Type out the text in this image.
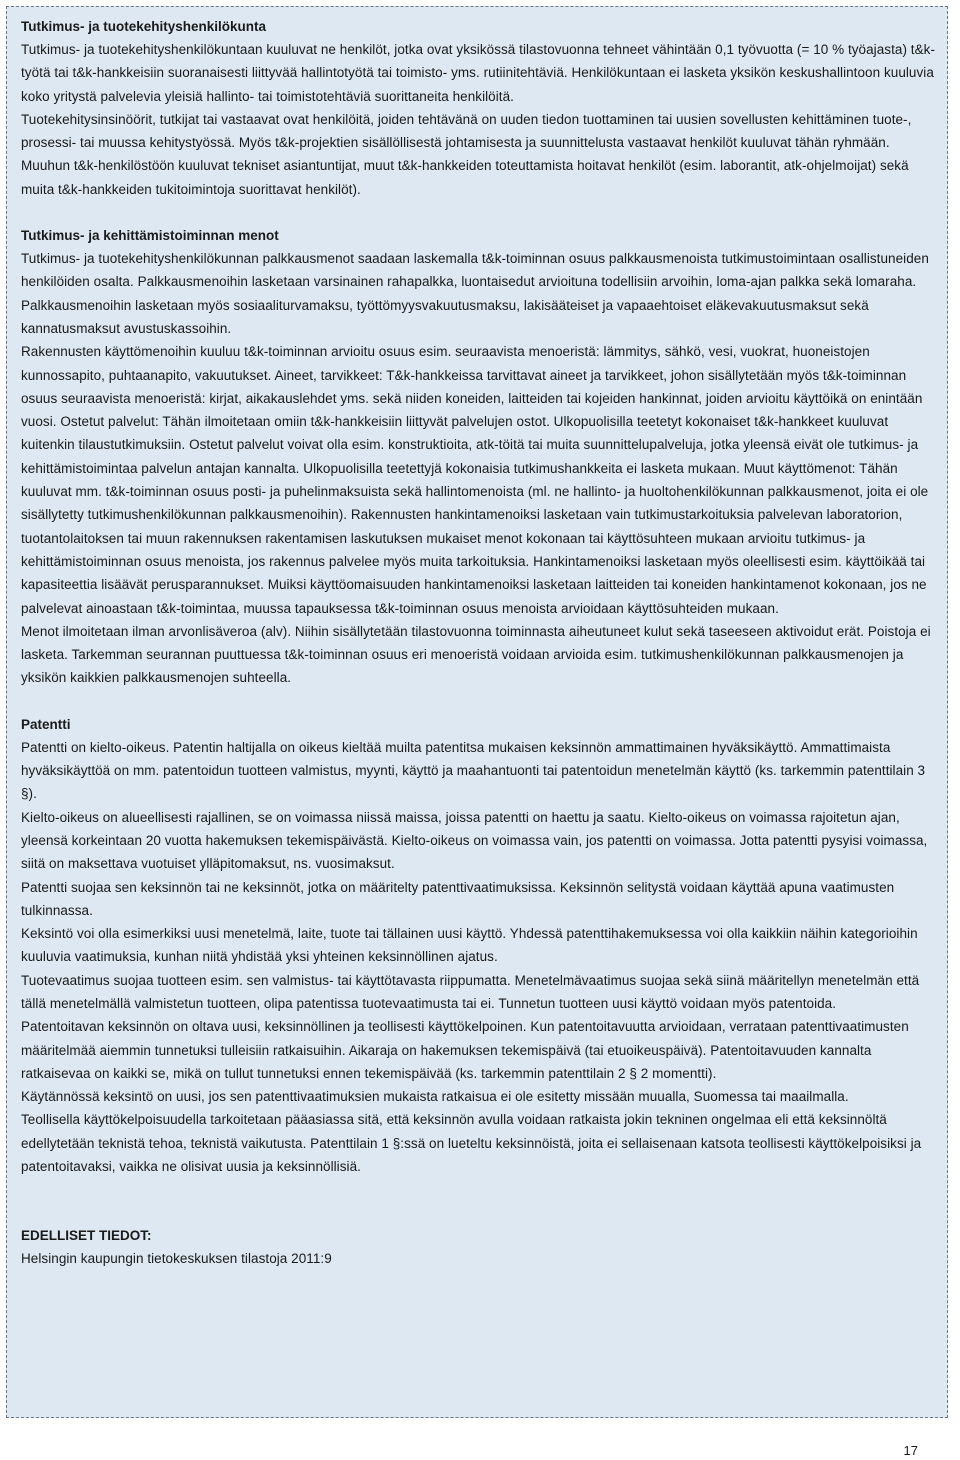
Tutkimus- ja tuotekehityshenkilökunta

Tutkimus- ja tuotekehityshenkilökuntaan kuuluvat ne henkilöt, jotka ovat yksikössä tilastovuonna tehneet vähintään 0,1 työvuotta (= 10 % työajasta) t&k-työtä tai t&k-hankkeisiin suoranaisesti liittyvää hallintotyötä tai toimisto- yms. rutiinitehtäviä. Henkilökuntaan ei lasketa yksikön keskushallintoon kuuluvia koko yritystä palvelevia yleisiä hallinto- tai toimistotehtäviä suorittaneita henkilöitä.

Tuotekehitysinsinöörit, tutkijat tai vastaavat ovat henkilöitä, joiden tehtävänä on uuden tiedon tuottaminen tai uusien sovellusten kehittäminen tuote-, prosessi- tai muussa kehitystyössä. Myös t&k-projektien sisällöllisestä johtamisesta ja suunnittelusta vastaavat henkilöt kuuluvat tähän ryhmään.

Muuhun t&k-henkilöstöön kuuluvat tekniset asiantuntijat, muut t&k-hankkeiden toteuttamista hoitavat henkilöt (esim. laborantit, atk-ohjelmoijat) sekä muita t&k-hankkeiden tukitoimintoja suorittavat henkilöt).

Tutkimus- ja kehittämistoiminnan menot

Tutkimus- ja tuotekehityshenkilökunnan palkkausmenot saadaan laskemalla t&k-toiminnan osuus palkkausmenoista tutkimustoimintaan osallistuneiden henkilöiden osalta. Palkkausmenoihin lasketaan varsinainen rahapalkka, luontaisedut arvioituna todellisiin arvoihin, loma-ajan palkka sekä lomaraha. Palkkausmenoihin lasketaan myös sosiaaliturvamaksu, työttömyysvakuutusmaksu, lakisääteiset ja vapaaehtoiset eläkevakuutusmaksut sekä kannatusmaksut avustuskassoihin.

Rakennusten käyttömenoihin kuuluu t&k-toiminnan arvioitu osuus esim. seuraavista menoeristä: lämmitys, sähkö, vesi, vuokrat, huoneistojen kunnossapito, puhtaanapito, vakuutukset. Aineet, tarvikkeet: T&k-hankkeissa tarvittavat aineet ja tarvikkeet, johon sisällytetään myös t&k-toiminnan osuus seuraavista menoeristä: kirjat, aikakauslehdet yms. sekä niiden koneiden, laitteiden tai kojeiden hankinnat, joiden arvioitu käyttöikä on enintään vuosi. Ostetut palvelut: Tähän ilmoitetaan omiin t&k-hankkeisiin liittyvät palvelujen ostot. Ulkopuolisilla teetetyt kokonaiset t&k-hankkeet kuuluvat kuitenkin tilaustutkimuksiin. Ostetut palvelut voivat olla esim. konstruktioita, atk-töitä tai muita suunnittelupalveluja, jotka yleensä eivät ole tutkimus- ja kehittämistoimintaa palvelun antajan kannalta. Ulkopuolisilla teetettyjä kokonaisia tutkimushankkeita ei lasketa mukaan. Muut käyttömenot: Tähän kuuluvat mm. t&k-toiminnan osuus posti- ja puhelinmaksuista sekä hallintomenoista (ml. ne hallinto- ja huoltohenkilökunnan palkkausmenot, joita ei ole sisällytetty tutkimushenkilökunnan palkkausmenoihin). Rakennusten hankintamenoiksi lasketaan vain tutkimustarkoituksia palvelevan laboratorion, tuotantolaitoksen tai muun rakennuksen rakentamisen laskutuksen mukaiset menot kokonaan tai käyttösuhteen mukaan arvioitu tutkimus- ja kehittämistoiminnan osuus menoista, jos rakennus palvelee myös muita tarkoituksia. Hankintamenoiksi lasketaan myös oleellisesti esim. käyttöikää tai kapasiteettia lisäävät perusparannukset. Muiksi käyttöomaisuuden hankintamenoiksi lasketaan laitteiden tai koneiden hankintamenot kokonaan, jos ne palvelevat ainoastaan t&k-toimintaa, muussa tapauksessa t&k-toiminnan osuus menoista arvioidaan käyttösuhteiden mukaan.

Menot ilmoitetaan ilman arvonlisäveroa (alv). Niihin sisällytetään tilastovuonna toiminnasta aiheutuneet kulut sekä taseeseen aktivoidut erät. Poistoja ei lasketa. Tarkemman seurannan puuttuessa t&k-toiminnan osuus eri menoeristä voidaan arvioida esim. tutkimushenkilökunnan palkkausmenojen ja yksikön kaikkien palkkausmenojen suhteella.

Patentti

Patentti on kielto-oikeus. Patentin haltijalla on oikeus kieltää muilta patentitsa mukaisen keksinnön ammattimainen hyväksikäyttö. Ammattimaista hyväksikäyttöä on mm. patentoidun tuotteen valmistus, myynti, käyttö ja maahantuonti tai patentoidun menetelmän käyttö (ks. tarkemmin patenttilain 3 §).

Kielto-oikeus on alueellisesti rajallinen, se on voimassa niissä maissa, joissa patentti on haettu ja saatu. Kielto-oikeus on voimassa rajoitetun ajan, yleensä korkeintaan 20 vuotta hakemuksen tekemispäivästä. Kielto-oikeus on voimassa vain, jos patentti on voimassa. Jotta patentti pysyisi voimassa, siitä on maksettava vuotuiset ylläpitomaksut, ns. vuosimaksut.

Patentti suojaa sen keksinnön tai ne keksinnöt, jotka on määritelty patenttivaatimuksissa. Keksinnön selitystä voidaan käyttää apuna vaatimusten tulkinnassa.

Keksintö voi olla esimerkiksi uusi menetelmä, laite, tuote tai tällainen uusi käyttö. Yhdessä patenttihakemuksessa voi olla kaikkiin näihin kategorioihin kuuluvia vaatimuksia, kunhan niitä yhdistää yksi yhteinen keksinnöllinen ajatus.

Tuotevaatimus suojaa tuotteen esim. sen valmistus- tai käyttötavasta riippumatta. Menetelmävaatimus suojaa sekä siinä määritellyn menetelmän että tällä menetelmällä valmistetun tuotteen, olipa patentissa tuotevaatimusta tai ei. Tunnetun tuotteen uusi käyttö voidaan myös patentoida.

Patentoitavan keksinnön on oltava uusi, keksinnöllinen ja teollisesti käyttökelpoinen. Kun patentoitavuutta arvioidaan, verrataan patenttivaatimusten määritelmää aiemmin tunnetuksi tulleisiin ratkaisuihin. Aikaraja on hakemuksen tekemispäivä (tai etuoikeuspäivä). Patentoitavuuden kannalta ratkaisevaa on kaikki se, mikä on tullut tunnetuksi ennen tekemispäivää (ks. tarkemmin patenttilain 2 § 2 momentti).

Käytännössä keksintö on uusi, jos sen patenttivaatimuksien mukaista ratkaisua ei ole esitetty missään muualla, Suomessa tai maailmalla.

Teollisella käyttökelpoisuudella tarkoitetaan pääasiassa sitä, että keksinnön avulla voidaan ratkaista jokin tekninen ongelmaa eli että keksinnöltä edellytetään teknistä tehoa, teknistä vaikutusta. Patenttilain 1 §:ssä on lueteltu keksinnöistä, joita ei sellaisenaan katsota teollisesti käyttökelpoisiksi ja patentoitavaksi, vaikka ne olisivat uusia ja keksinnöllisiä.

EDELLISET TIEDOT:

Helsingin kaupungin tietokeskuksen tilastoja 2011:9

17
